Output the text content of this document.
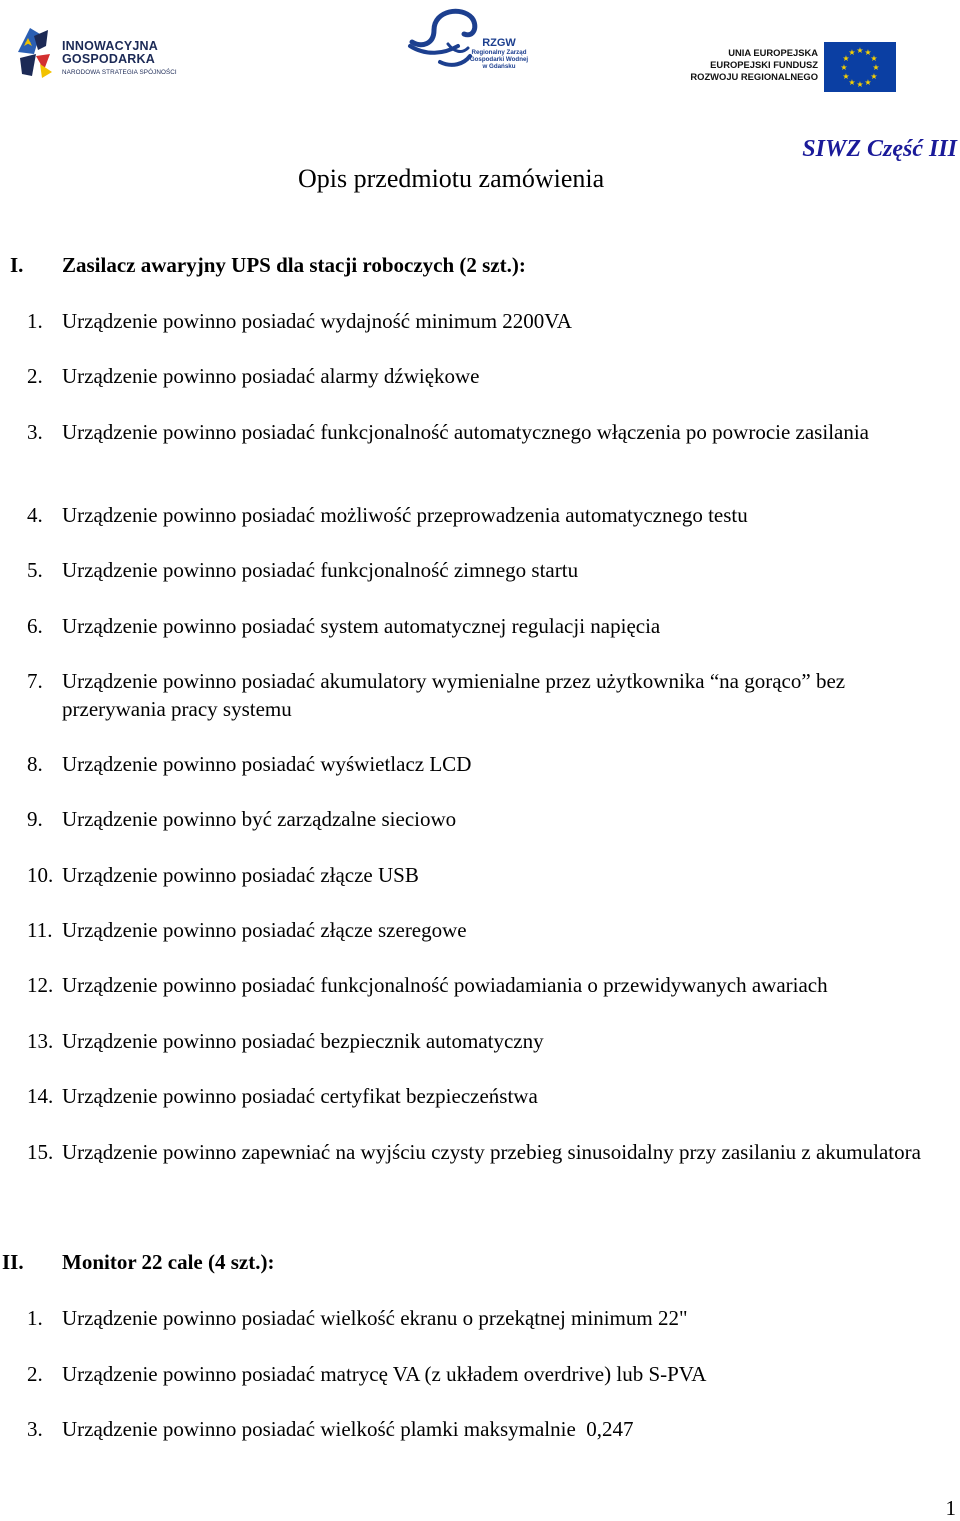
INNOWACYJNA
GOSPODARKA
NARODOWA STRATEGIA SPÓJNOŚCI
RZGW
Regionalny Zarząd
Gospodarki Wodnej
w Gdańsku
UNIA EUROPEJSKA
EUROPEJSKI FUNDUSZ
ROZWOJU REGIONALNEGO
★ ★
★
★
★
★
★
★
★
★
★
★
SIWZ Część III
Opis przedmiotu zamówienia
I. Zasilacz awaryjny UPS dla stacji roboczych (2 szt.):
1. Urządzenie powinno posiadać wydajność minimum 2200VA
2. Urządzenie powinno posiadać alarmy dźwiękowe
3. Urządzenie powinno posiadać funkcjonalność automatycznego włączenia po powrocie zasilania
4. Urządzenie powinno posiadać możliwość przeprowadzenia automatycznego testu
5. Urządzenie powinno posiadać funkcjonalność zimnego startu
6. Urządzenie powinno posiadać system automatycznej regulacji napięcia
7. Urządzenie powinno posiadać akumulatory wymienialne przez użytkownika “na gorąco” bez przerywania pracy systemu
8. Urządzenie powinno posiadać wyświetlacz LCD
9. Urządzenie powinno być zarządzalne sieciowo
10. Urządzenie powinno posiadać złącze USB
11. Urządzenie powinno posiadać złącze szeregowe
12. Urządzenie powinno posiadać funkcjonalność powiadamiania o przewidywanych awariach
13. Urządzenie powinno posiadać bezpiecznik automatyczny
14. Urządzenie powinno posiadać certyfikat bezpieczeństwa
15. Urządzenie powinno zapewniać na wyjściu czysty przebieg sinusoidalny przy zasilaniu z akumulatora
II. Monitor 22 cale (4 szt.):
1. Urządzenie powinno posiadać wielkość ekranu o przekątnej minimum 22"
2. Urządzenie powinno posiadać matrycę VA (z układem overdrive) lub S-PVA
3. Urządzenie powinno posiadać wielkość plamki maksymalnie  0,247
1
